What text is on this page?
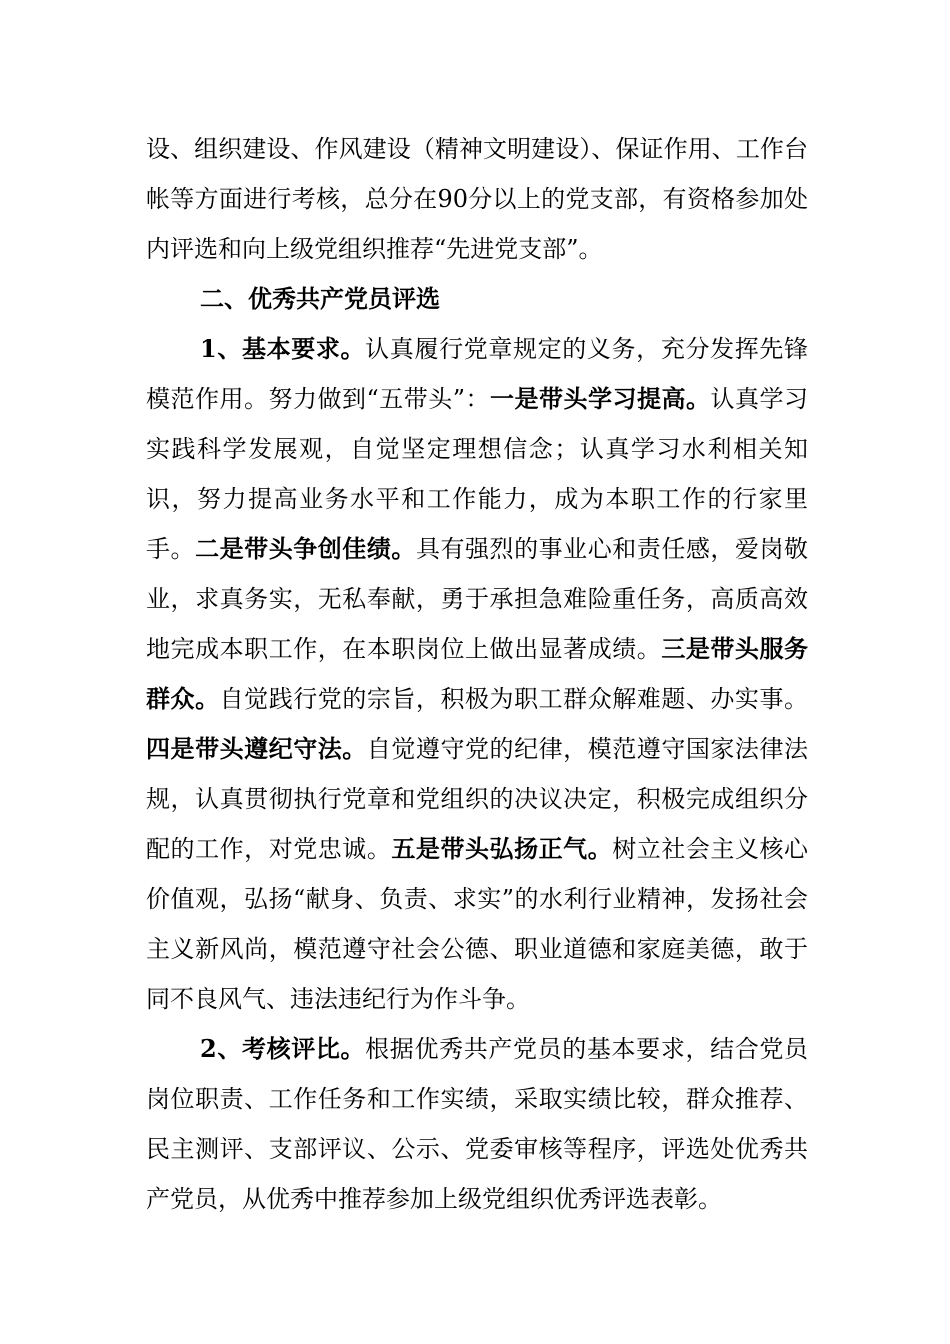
设、组织建设、作风建设（精神文明建设）、保证作用、工作台帐等方面进行考核，总分在90分以上的党支部，有资格参加处内评选和向上级党组织推荐“先进党支部”。

二、优秀共产党员评选

1、基本要求。认真履行党章规定的义务，充分发挥先锋模范作用。努力做到“五带头”：一是带头学习提高。认真学习实践科学发展观，自觉坚定理想信念；认真学习水利相关知识，努力提高业务水平和工作能力，成为本职工作的行家里手。二是带头争创佳绩。具有强烈的事业心和责任感，爱岗敬业，求真务实，无私奉献，勇于承担急难险重任务，高质高效地完成本职工作，在本职岗位上做出显著成绩。三是带头服务群众。自觉践行党的宗旨，积极为职工群众解难题、办实事。四是带头遵纪守法。自觉遵守党的纪律，模范遵守国家法律法规，认真贯彻执行党章和党组织的决议决定，积极完成组织分配的工作，对党忠诚。五是带头弘扬正气。树立社会主义核心价值观，弘扬“献身、负责、求实”的水利行业精神，发扬社会主义新风尚，模范遵守社会公德、职业道德和家庭美德，敢于同不良风气、违法违纪行为作斗争。

2、考核评比。根据优秀共产党员的基本要求，结合党员岗位职责、工作任务和工作实绩，采取实绩比较，群众推荐、民主测评、支部评议、公示、党委审核等程序，评选处优秀共产党员，从优秀中推荐参加上级党组织优秀评选表彰。
